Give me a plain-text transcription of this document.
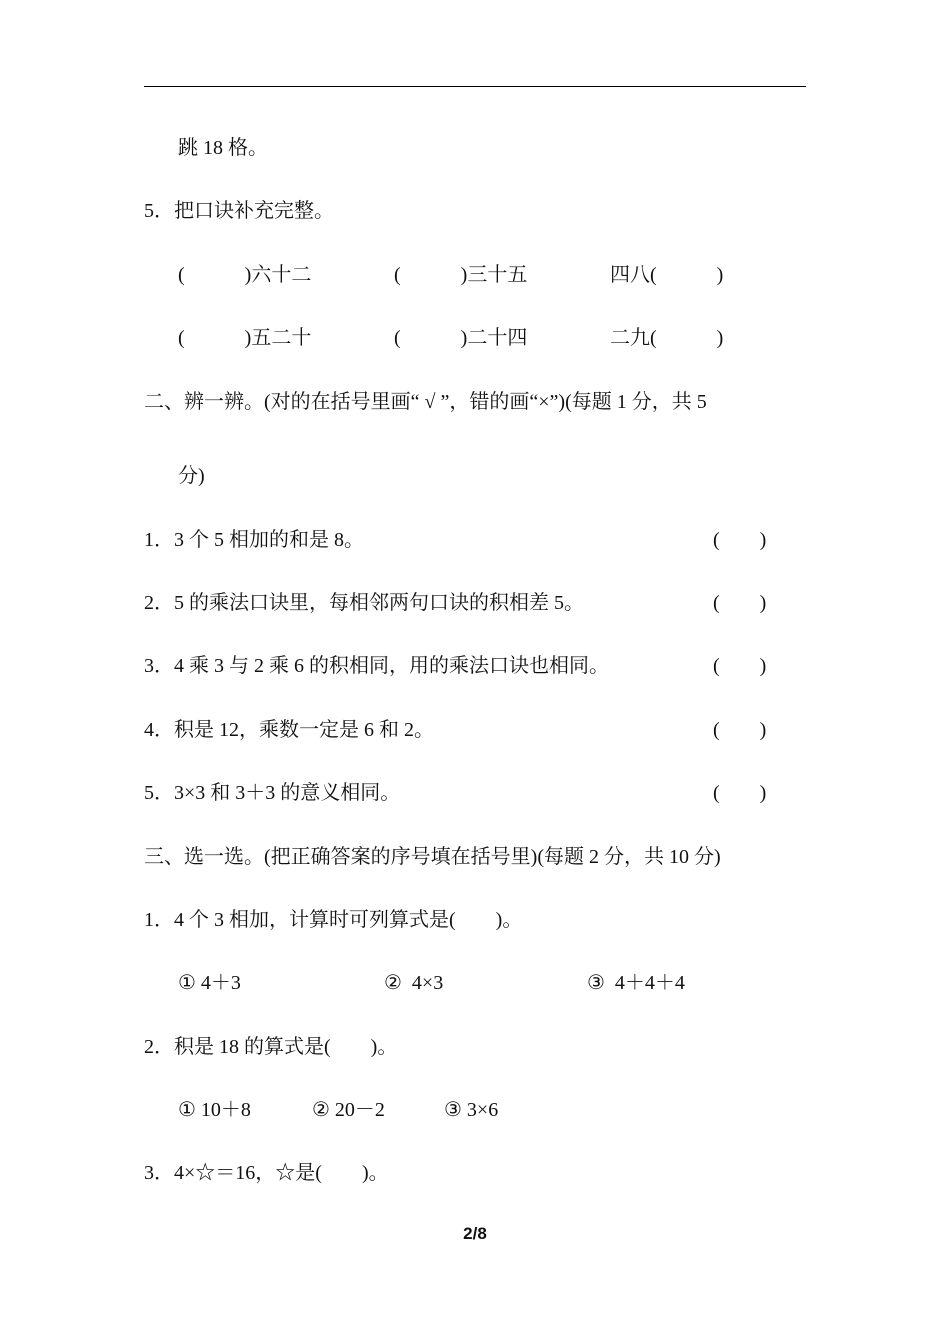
跳 18 格。
5．把口诀补充完整。
(　　　)六十二	(　　　)三十五	四八(　　　)
(　　　)五二十	(　　　)二十四	二九(　　　)
二、辨一辨。(对的在括号里画“ √ ”，错的画“×”)(每题 1 分，共 5
分)
1．3 个 5 相加的和是 8。	(　　)
2．5 的乘法口诀里，每相邻两句口诀的积相差 5。	(　　)
3．4 乘 3 与 2 乘 6 的积相同，用的乘法口诀也相同。	(　　)
4．积是 12，乘数一定是 6 和 2。	(　　)
5．3×3 和 3＋3 的意义相同。	(　　)
三、选一选。(把正确答案的序号填在括号里)(每题 2 分，共 10 分)
1．4 个 3 相加，计算时可列算式是(　　)。
① 4＋3	②  4×3	③  4＋4＋4
2．积是 18 的算式是(　　)。
① 10＋8	② 20－2	③ 3×6
3．4×☆＝16，☆是(　　)。
2/8
